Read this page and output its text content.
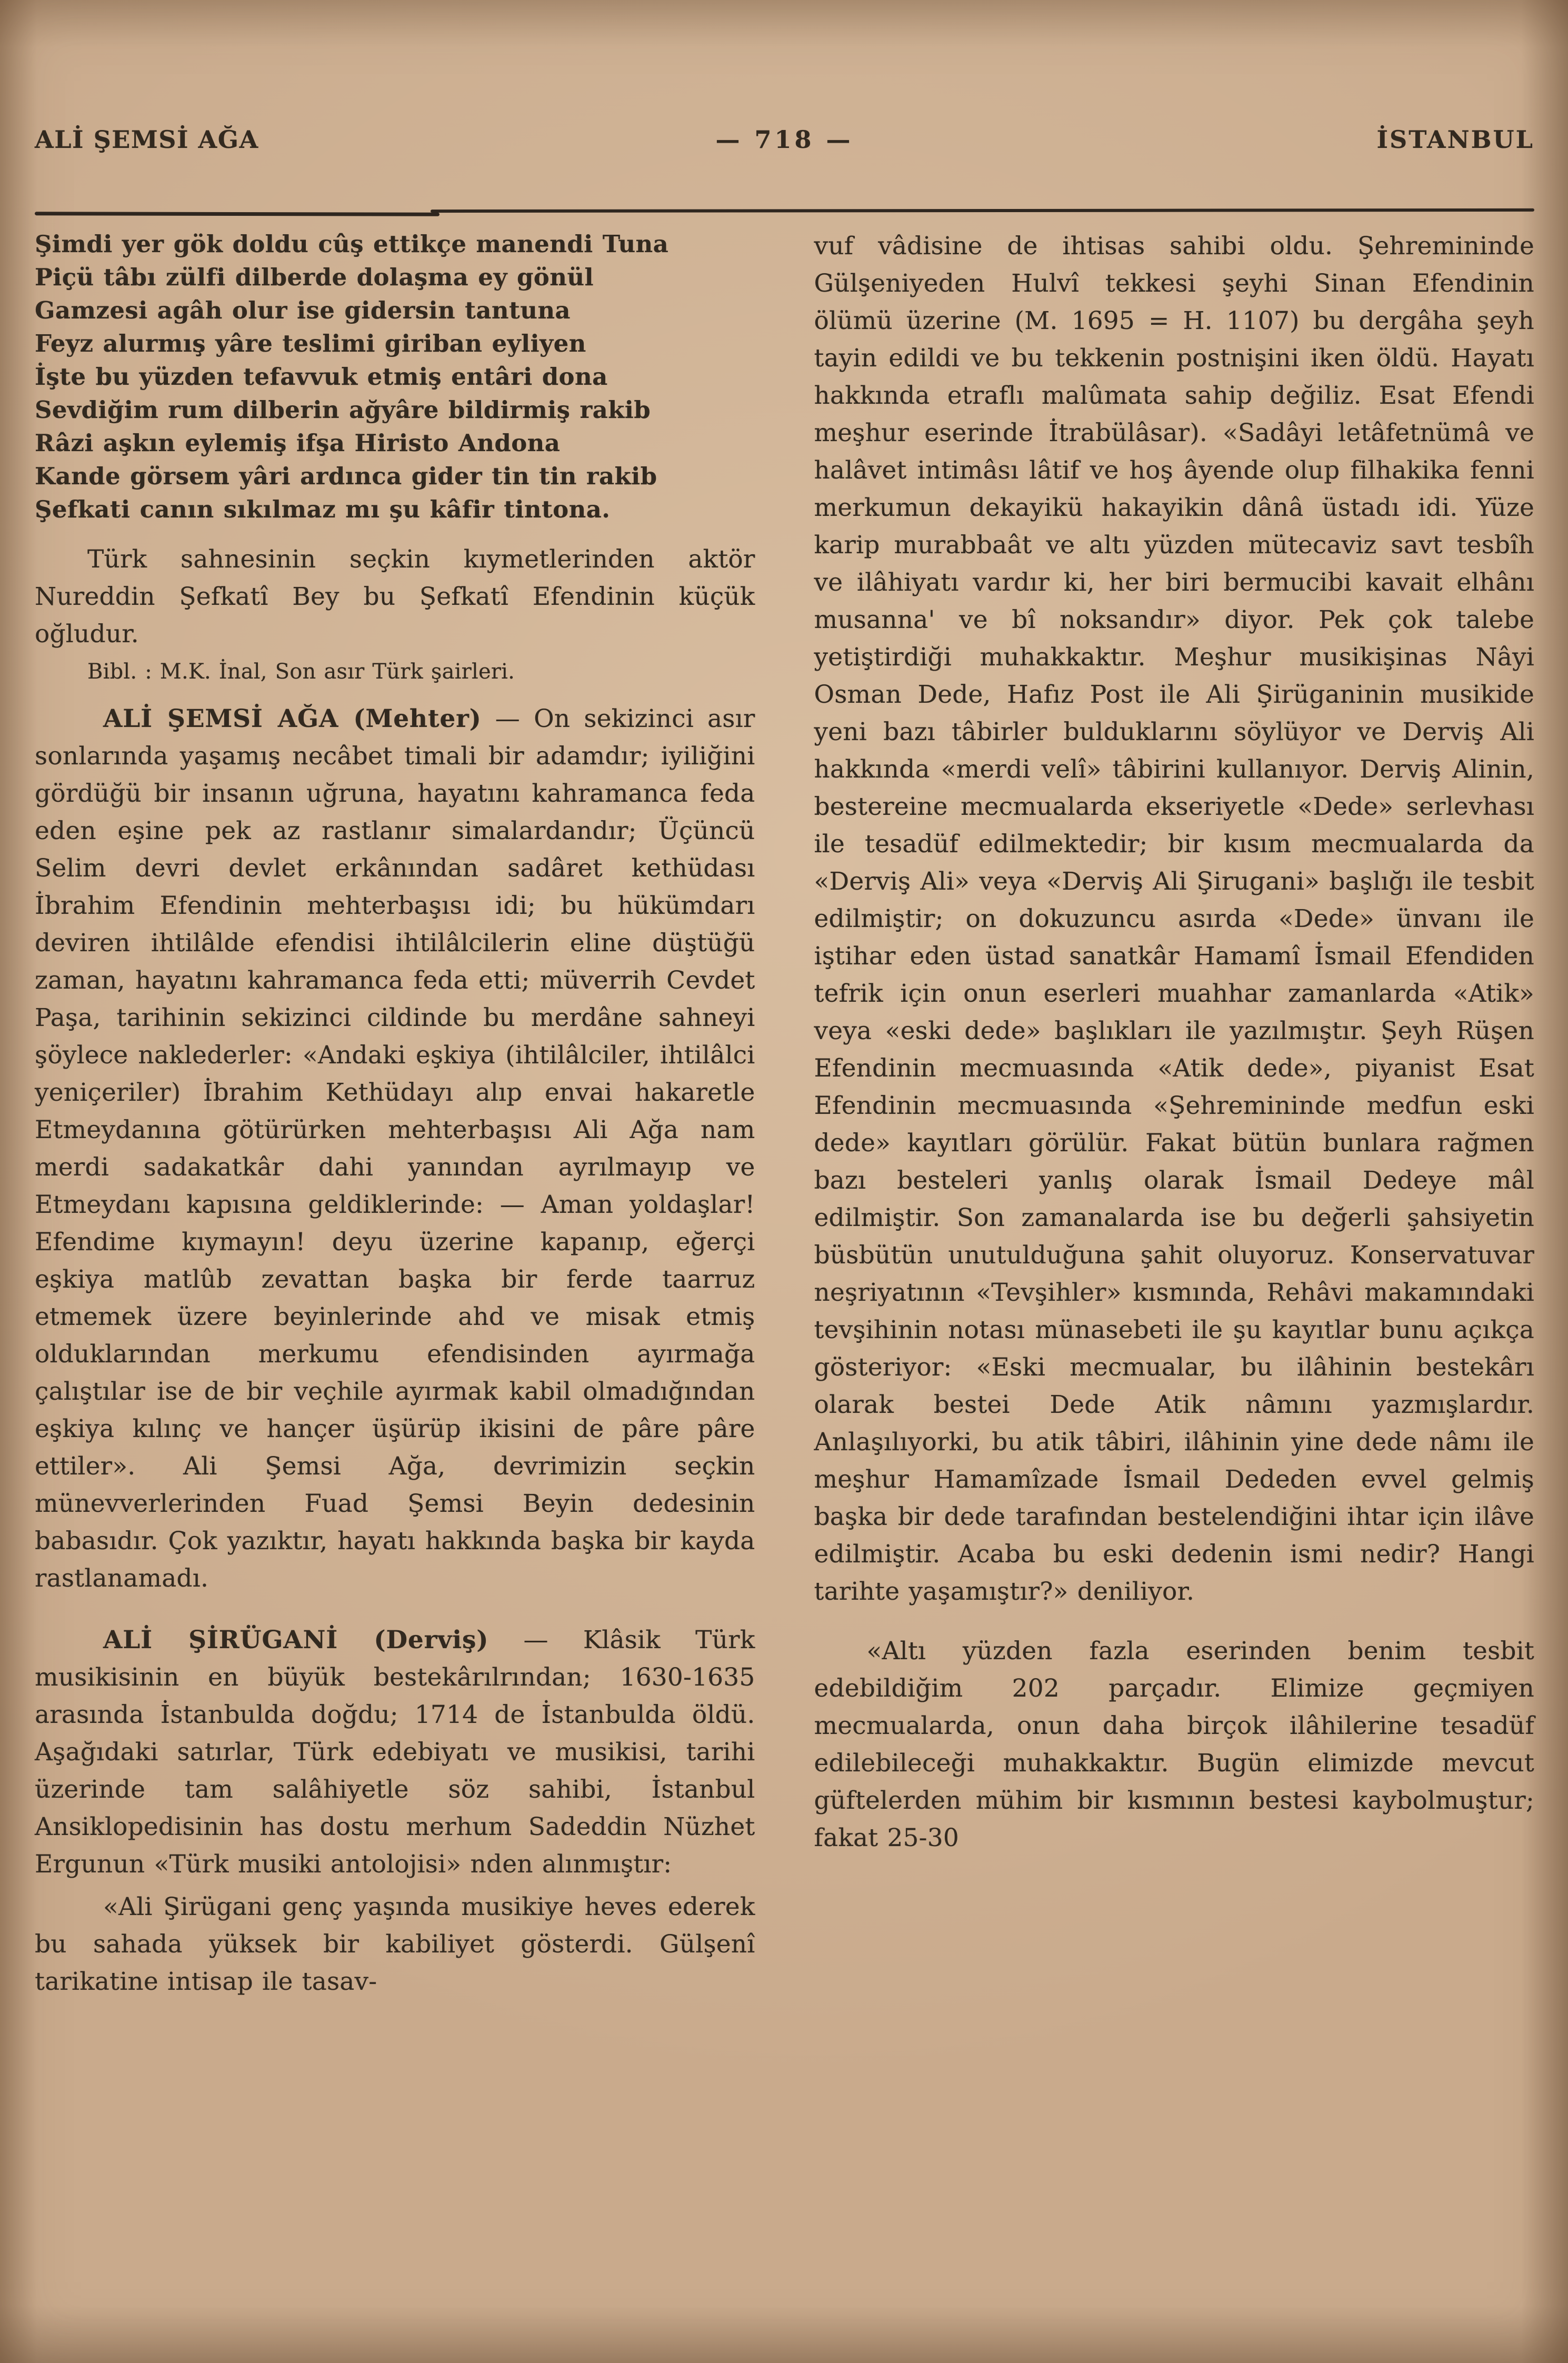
ALİ ŞEMSİ AĞA	— 718 —	İSTANBUL
Şimdi yer gök doldu cûş ettikçe manendi Tuna
Piçü tâbı zülfi dilberde dolaşma ey gönül
Gamzesi agâh olur ise gidersin tantuna
Feyz alurmış yâre teslimi giriban eyliyen
İşte bu yüzden tefavvuk etmiş entâri dona
Sevdiğim rum dilberin ağyâre bildirmiş rakib
Râzi aşkın eylemiş ifşa Hiristo Andona
Kande görsem yâri ardınca gider tin tin rakib
Şefkati canın sıkılmaz mı şu kâfir tintona.

Türk sahnesinin seçkin kıymetlerinden aktör Nureddin Şefkatî Bey bu Şefkatî Efendinin küçük oğludur.

Bibl. : M.K. İnal, Son asır Türk şairleri.

ALİ ŞEMSİ AĞA (Mehter) — On sekizinci asır sonlarında yaşamış necâbet timali bir adamdır; iyiliğini gördüğü bir insanın uğruna, hayatını kahramanca feda eden eşine pek az rastlanır simalardandır; Üçüncü Selim devri devlet erkânından sadâret kethüdası İbrahim Efendinin mehterbaşısı idi; bu hükümdarı deviren ihtilâlde efendisi ihtilâlcilerin eline düştüğü zaman, hayatını kahramanca feda etti; müverrih Cevdet Paşa, tarihinin sekizinci cildinde bu merdâne sahneyi şöylece naklederler: «Andaki eşkiya (ihtilâlciler, ihtilâlci yeniçeriler) İbrahim Kethüdayı alıp envai hakaretle Etmeydanına götürürken mehterbaşısı Ali Ağa nam merdi sadakatkâr dahi yanından ayrılmayıp ve Etmeydanı kapısına geldiklerinde: — Aman yoldaşlar! Efendime kıymayın! deyu üzerine kapanıp, eğerçi eşkiya matlûb zevattan başka bir ferde taarruz etmemek üzere beyinlerinde ahd ve misak etmiş olduklarından merkumu efendisinden ayırmağa çalıştılar ise de bir veçhile ayırmak kabil olmadığından eşkiya kılınç ve hançer üşürüp ikisini de pâre pâre ettiler». Ali Şemsi Ağa, devrimizin seçkin münevverlerinden Fuad Şemsi Beyin dedesinin babasıdır. Çok yazıktır, hayatı hakkında başka bir kayda rastlanamadı.

ALİ ŞİRÜGANİ (Derviş) — Klâsik Türk musikisinin en büyük bestekârılrından; 1630-1635 arasında İstanbulda doğdu; 1714 de İstanbulda öldü. Aşağıdaki satırlar, Türk edebiyatı ve musikisi, tarihi üzerinde tam salâhiyetle söz sahibi, İstanbul Ansiklopedisinin has dostu merhum Sadeddin Nüzhet Ergunun «Türk musiki antolojisi» nden alınmıştır:

«Ali Şirügani genç yaşında musikiye heves ederek bu sahada yüksek bir kabiliyet gösterdi. Gülşenî tarikatine intisap ile tasav-

vuf vâdisine de ihtisas sahibi oldu. Şehremininde Gülşeniyeden Hulvî tekkesi şeyhi Sinan Efendinin ölümü üzerine (M. 1695 = H. 1107) bu dergâha şeyh tayin edildi ve bu tekkenin postnişini iken öldü. Hayatı hakkında etraflı malûmata sahip değiliz. Esat Efendi meşhur eserinde İtrabülâsar). «Sadâyi letâfetnümâ ve halâvet intimâsı lâtif ve hoş âyende olup filhakika fenni merkumun dekayikü hakayikin dânâ üstadı idi. Yüze karip murabbaât ve altı yüzden mütecaviz savt tesbîh ve ilâhiyatı vardır ki, her biri bermucibi kavait elhânı musanna' ve bî noksandır» diyor. Pek çok talebe yetiştirdiği muhakkaktır. Meşhur musikişinas Nâyi Osman Dede, Hafız Post ile Ali Şirüganinin musikide yeni bazı tâbirler bulduklarını söylüyor ve Derviş Ali hakkında «merdi velî» tâbirini kullanıyor. Derviş Alinin, bestereine mecmualarda ekseriyetle «Dede» serlevhası ile tesadüf edilmektedir; bir kısım mecmualarda da «Derviş Ali» veya «Derviş Ali Şirugani» başlığı ile tesbit edilmiştir; on dokuzuncu asırda «Dede» ünvanı ile iştihar eden üstad sanatkâr Hamamî İsmail Efendiden tefrik için onun eserleri muahhar zamanlarda «Atik» veya «eski dede» başlıkları ile yazılmıştır. Şeyh Rüşen Efendinin mecmuasında «Atik dede», piyanist Esat Efendinin mecmuasında «Şehremininde medfun eski dede» kayıtları görülür. Fakat bütün bunlara rağmen bazı besteleri yanlış olarak İsmail Dedeye mâl edilmiştir. Son zamanalarda ise bu değerli şahsiyetin büsbütün unutulduğuna şahit oluyoruz. Konservatuvar neşriyatının «Tevşihler» kısmında, Rehâvi makamındaki tevşihinin notası münasebeti ile şu kayıtlar bunu açıkça gösteriyor: «Eski mecmualar, bu ilâhinin bestekârı olarak bestei Dede Atik nâmını yazmışlardır. Anlaşılıyorki, bu atik tâbiri, ilâhinin yine dede nâmı ile meşhur Hamamîzade İsmail Dededen evvel gelmiş başka bir dede tarafından bestelendiğini ihtar için ilâve edilmiştir. Acaba bu eski dedenin ismi nedir? Hangi tarihte yaşamıştır?» deniliyor.

«Altı yüzden fazla eserinden benim tesbit edebildiğim 202 parçadır. Elimize geçmiyen mecmualarda, onun daha birçok ilâhilerine tesadüf edilebileceği muhakkaktır. Bugün elimizde mevcut güftelerden mühim bir kısmının bestesi kaybolmuştur; fakat 25-30
